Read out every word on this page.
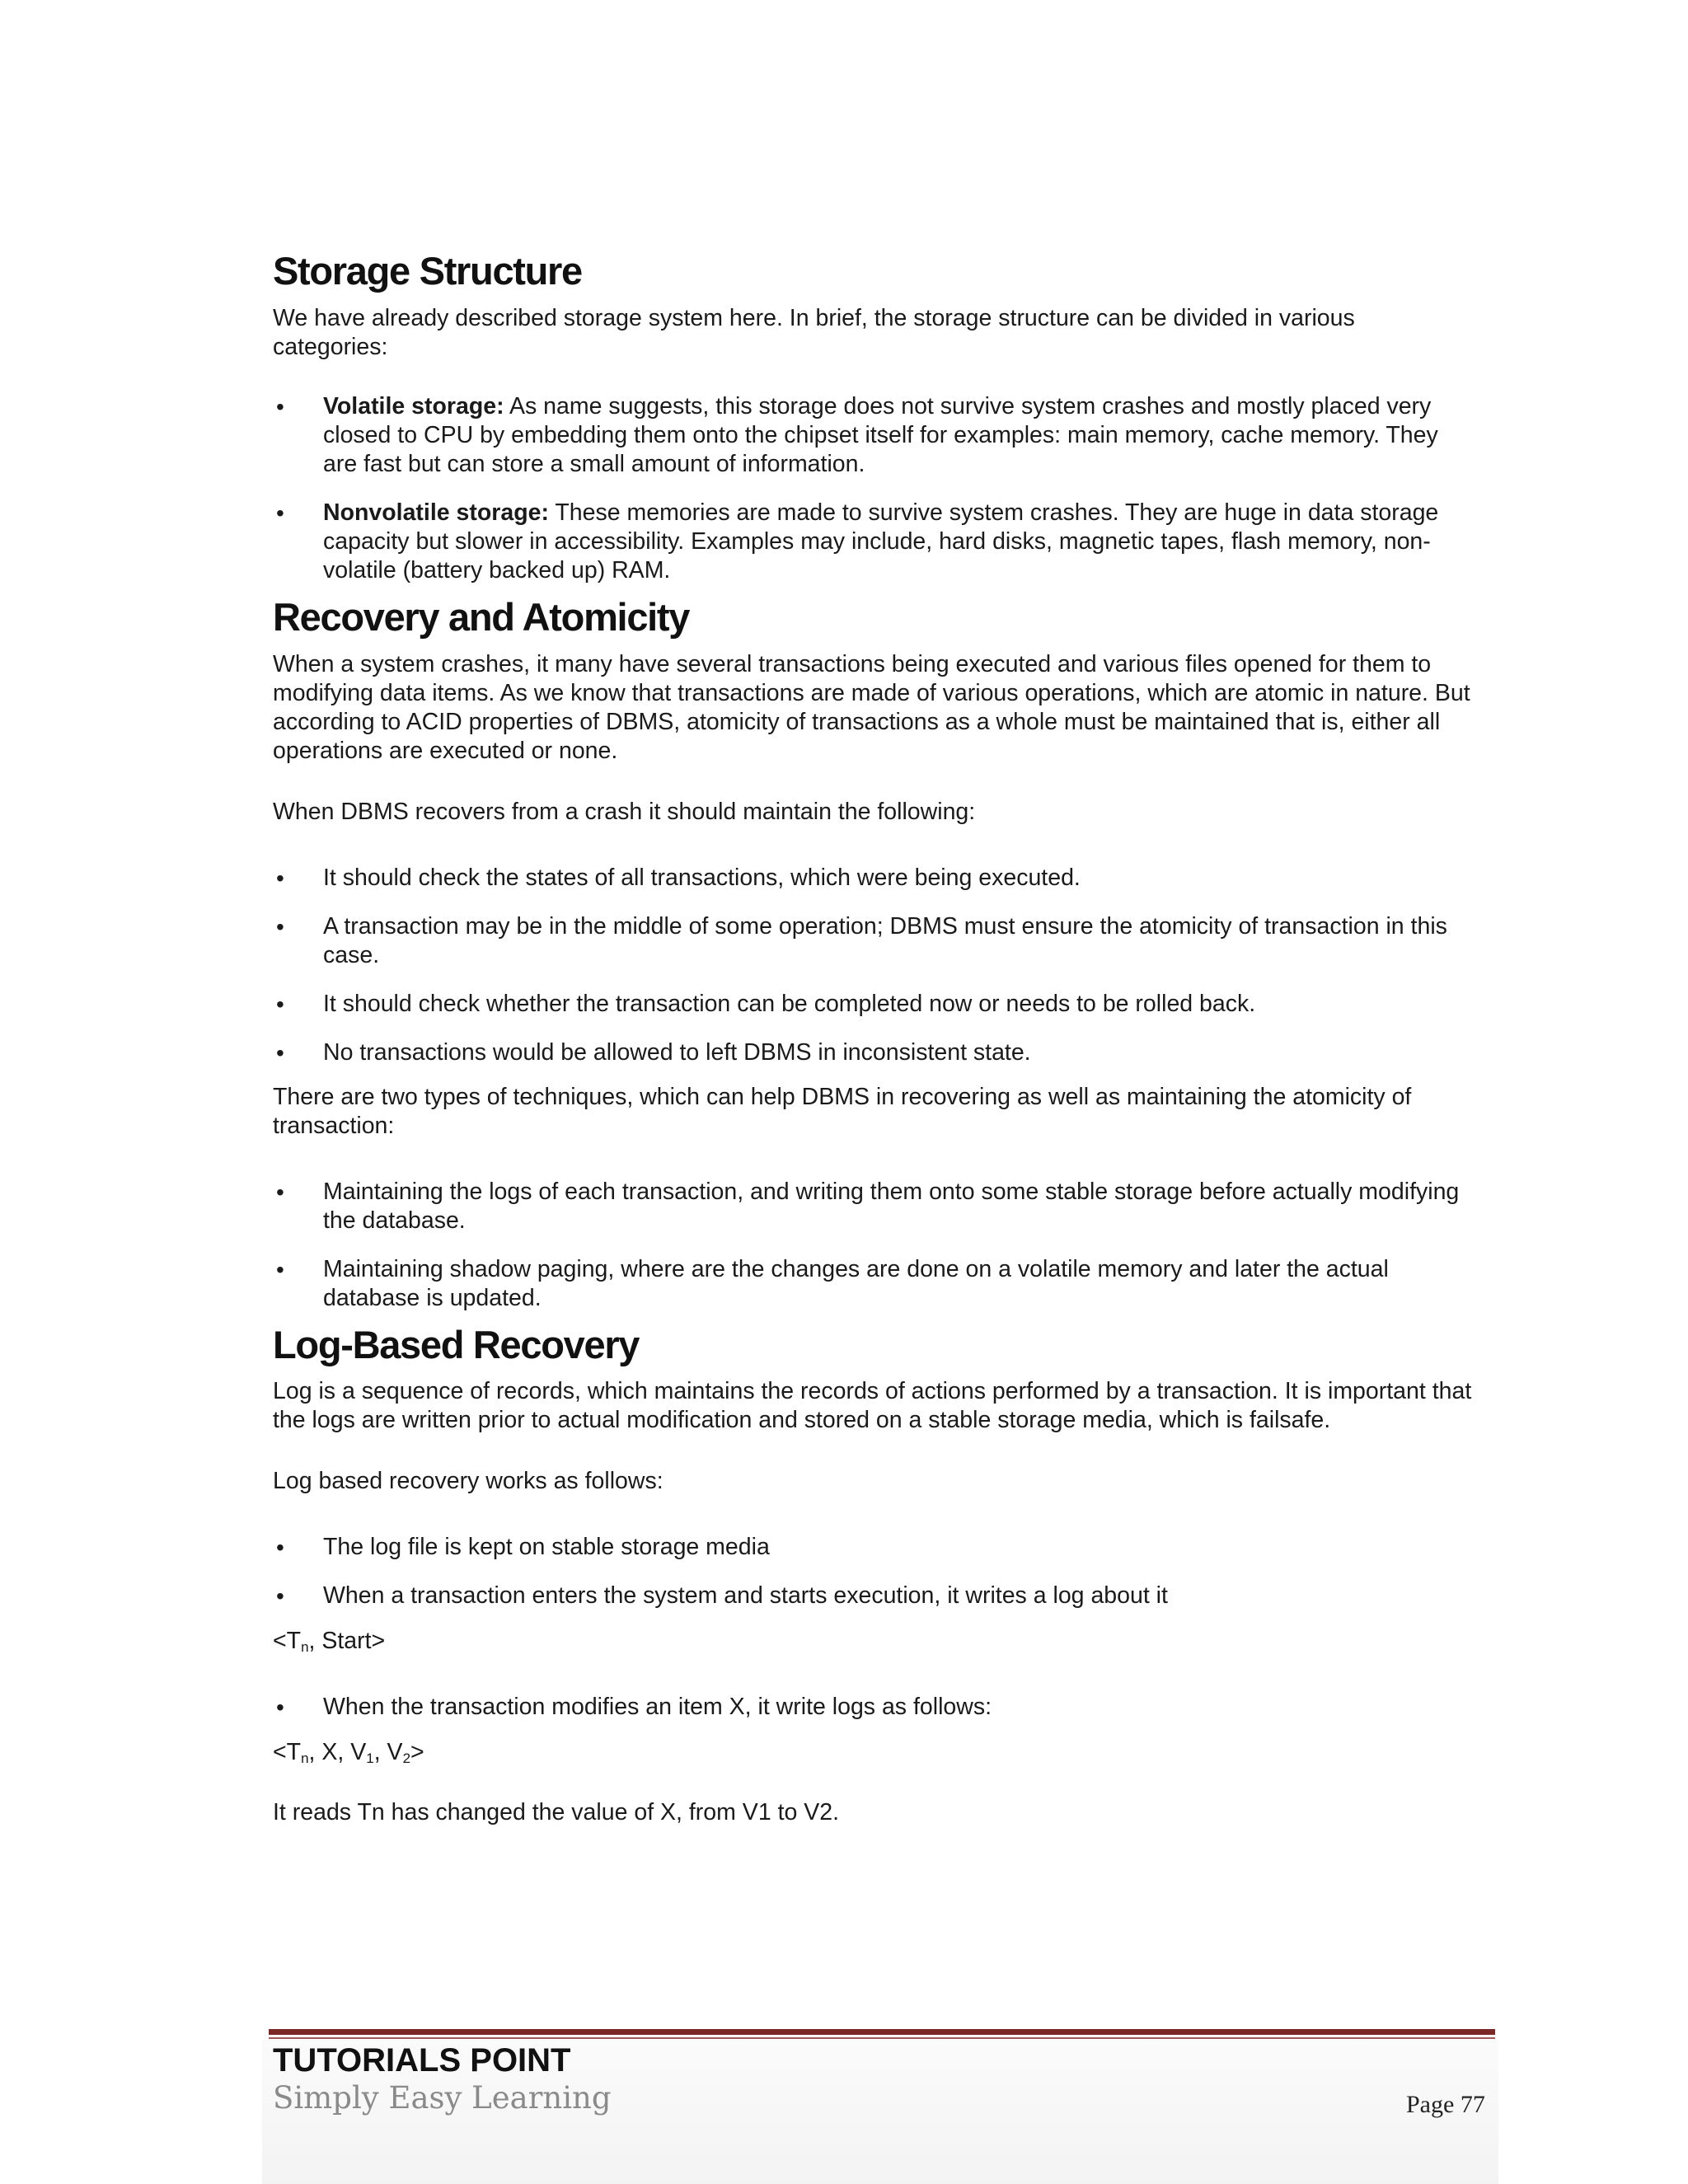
Storage Structure

We have already described storage system here. In brief, the storage structure can be divided in various categories:

• Volatile storage: As name suggests, this storage does not survive system crashes and mostly placed very closed to CPU by embedding them onto the chipset itself for examples: main memory, cache memory. They are fast but can store a small amount of information.
• Nonvolatile storage: These memories are made to survive system crashes. They are huge in data storage capacity but slower in accessibility. Examples may include, hard disks, magnetic tapes, flash memory, non-volatile (battery backed up) RAM.
Recovery and Atomicity

When a system crashes, it many have several transactions being executed and various files opened for them to modifying data items. As we know that transactions are made of various operations, which are atomic in nature. But according to ACID properties of DBMS, atomicity of transactions as a whole must be maintained that is, either all operations are executed or none.

When DBMS recovers from a crash it should maintain the following:

• It should check the states of all transactions, which were being executed.
• A transaction may be in the middle of some operation; DBMS must ensure the atomicity of transaction in this case.
• It should check whether the transaction can be completed now or needs to be rolled back.
• No transactions would be allowed to left DBMS in inconsistent state.

There are two types of techniques, which can help DBMS in recovering as well as maintaining the atomicity of transaction:

• Maintaining the logs of each transaction, and writing them onto some stable storage before actually modifying the database.
• Maintaining shadow paging, where are the changes are done on a volatile memory and later the actual database is updated.
Log-Based Recovery

Log is a sequence of records, which maintains the records of actions performed by a transaction. It is important that the logs are written prior to actual modification and stored on a stable storage media, which is failsafe.

Log based recovery works as follows:

• The log file is kept on stable storage media
• When a transaction enters the system and starts execution, it writes a log about it

$<T_n$, Start>

• When the transaction modifies an item X, it write logs as follows:

$<T_n$, X, $V_1$, $V_2>$

It reads Tn has changed the value of X, from V1 to V2.

TUTORIALS POINT
Simply Easy Learning	Page 77
